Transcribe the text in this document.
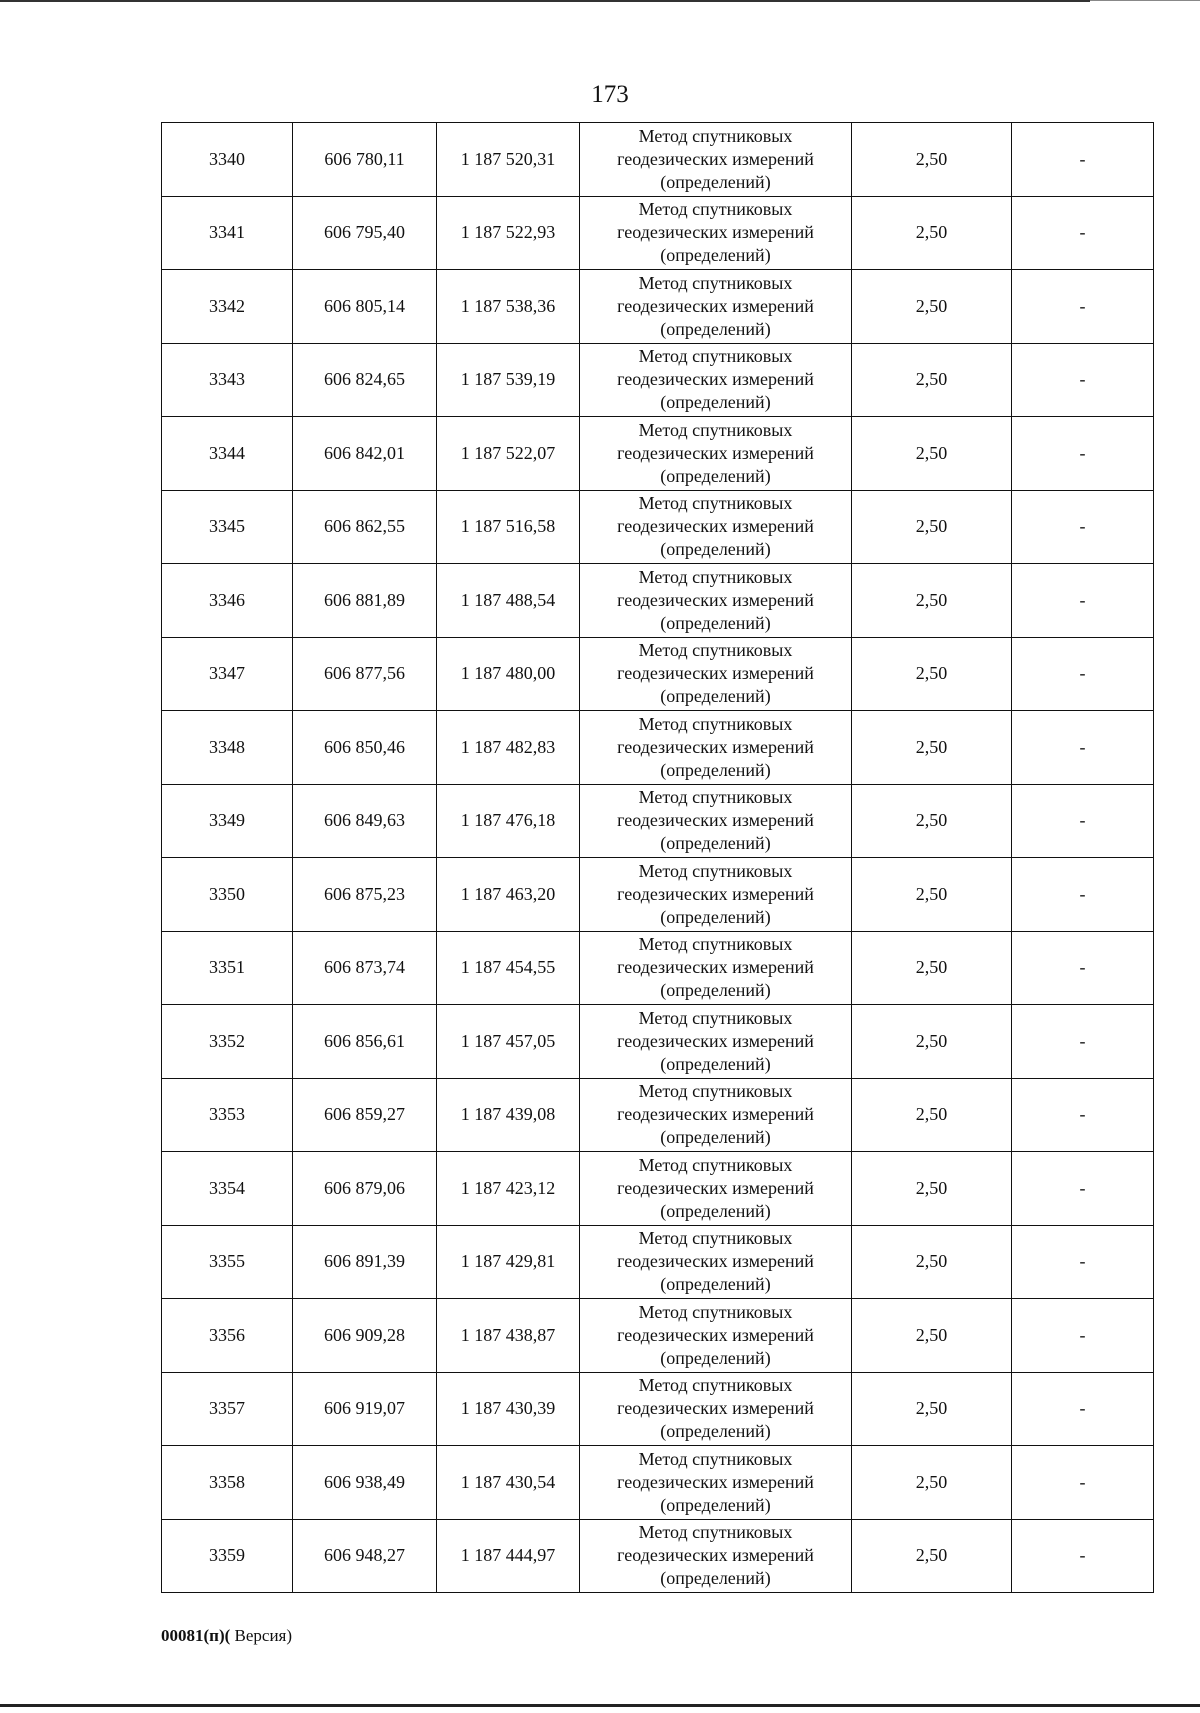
173
3340	606 780,11	1 187 520,31	Метод спутниковых
геодезических измерений
(определений)	2,50	-
3341	606 795,40	1 187 522,93	Метод спутниковых
геодезических измерений
(определений)	2,50	-
3342	606 805,14	1 187 538,36	Метод спутниковых
геодезических измерений
(определений)	2,50	-
3343	606 824,65	1 187 539,19	Метод спутниковых
геодезических измерений
(определений)	2,50	-
3344	606 842,01	1 187 522,07	Метод спутниковых
геодезических измерений
(определений)	2,50	-
3345	606 862,55	1 187 516,58	Метод спутниковых
геодезических измерений
(определений)	2,50	-
3346	606 881,89	1 187 488,54	Метод спутниковых
геодезических измерений
(определений)	2,50	-
3347	606 877,56	1 187 480,00	Метод спутниковых
геодезических измерений
(определений)	2,50	-
3348	606 850,46	1 187 482,83	Метод спутниковых
геодезических измерений
(определений)	2,50	-
3349	606 849,63	1 187 476,18	Метод спутниковых
геодезических измерений
(определений)	2,50	-
3350	606 875,23	1 187 463,20	Метод спутниковых
геодезических измерений
(определений)	2,50	-
3351	606 873,74	1 187 454,55	Метод спутниковых
геодезических измерений
(определений)	2,50	-
3352	606 856,61	1 187 457,05	Метод спутниковых
геодезических измерений
(определений)	2,50	-
3353	606 859,27	1 187 439,08	Метод спутниковых
геодезических измерений
(определений)	2,50	-
3354	606 879,06	1 187 423,12	Метод спутниковых
геодезических измерений
(определений)	2,50	-
3355	606 891,39	1 187 429,81	Метод спутниковых
геодезических измерений
(определений)	2,50	-
3356	606 909,28	1 187 438,87	Метод спутниковых
геодезических измерений
(определений)	2,50	-
3357	606 919,07	1 187 430,39	Метод спутниковых
геодезических измерений
(определений)	2,50	-
3358	606 938,49	1 187 430,54	Метод спутниковых
геодезических измерений
(определений)	2,50	-
3359	606 948,27	1 187 444,97	Метод спутниковых
геодезических измерений
(определений)	2,50	-
00081(п)( Версия)
